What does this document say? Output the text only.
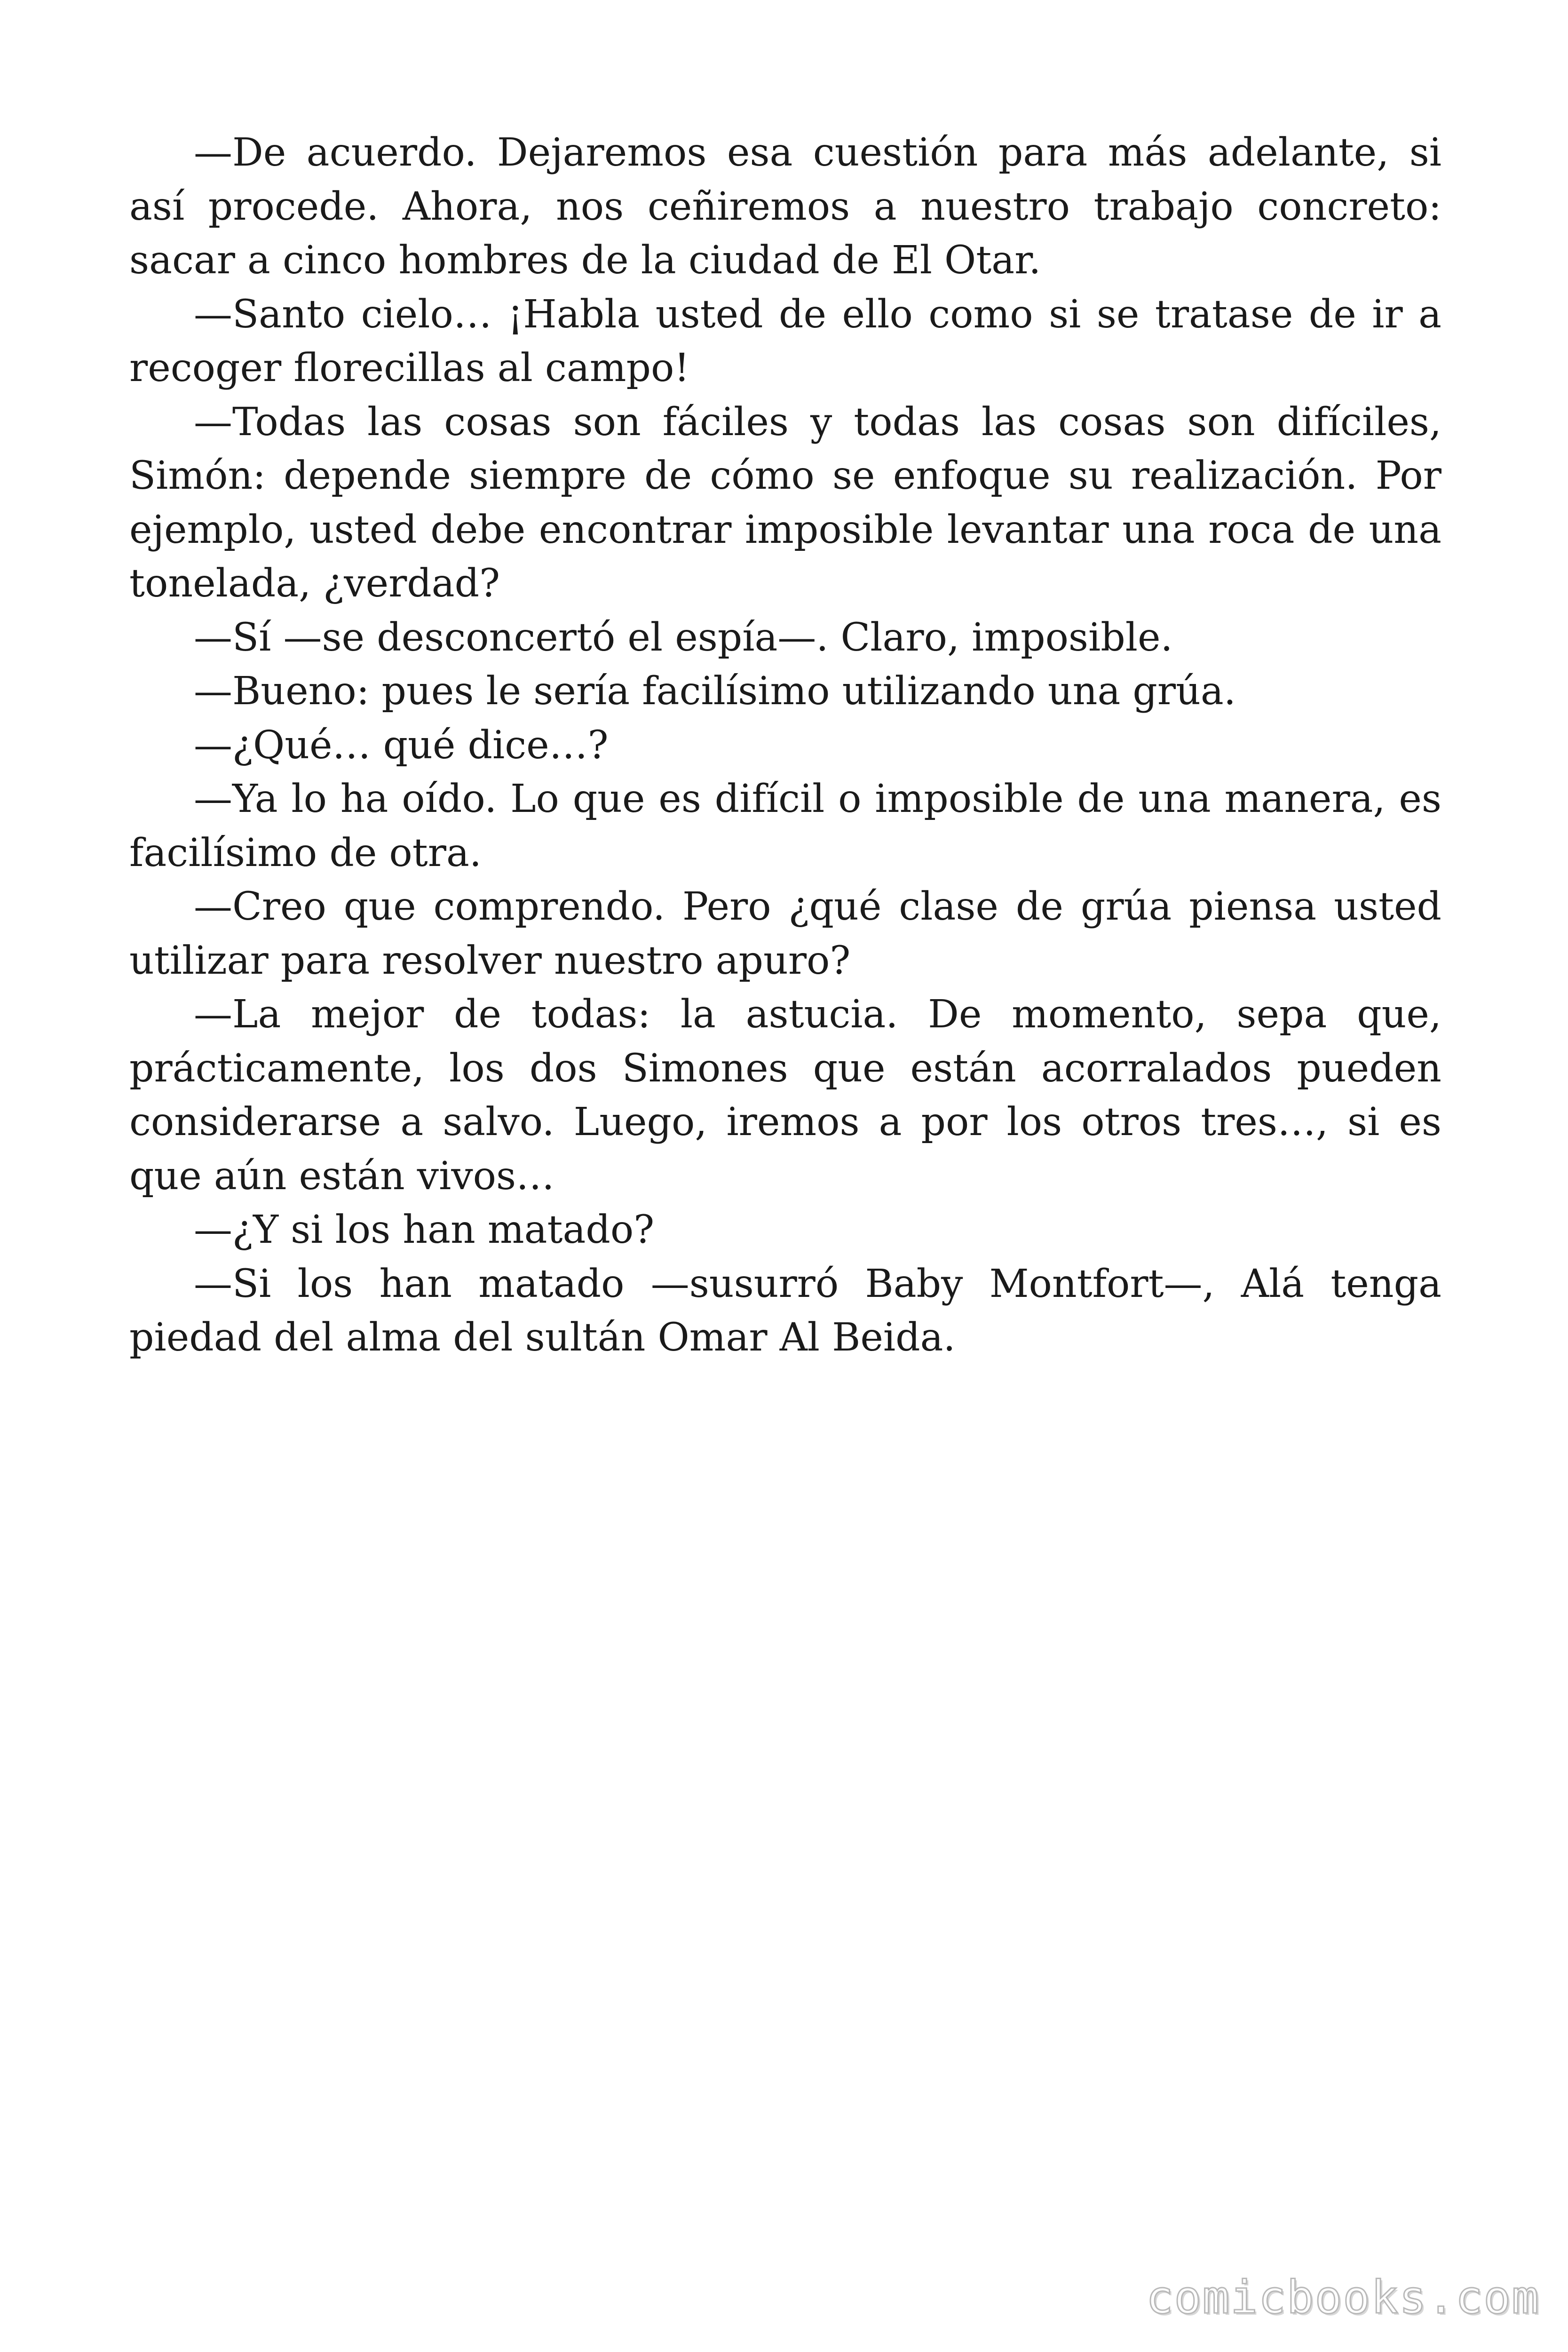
—De acuerdo. Dejaremos esa cuestión para más adelante, si así procede. Ahora, nos ceñiremos a nuestro trabajo concreto: sacar a cinco hombres de la ciudad de El Otar.

—Santo cielo… ¡Habla usted de ello como si se tratase de ir a recoger florecillas al campo!

—Todas las cosas son fáciles y todas las cosas son difíciles, Simón: depende siempre de cómo se enfoque su realización. Por ejemplo, usted debe encontrar imposible levantar una roca de una tonelada, ¿verdad?

—Sí —se desconcertó el espía—. Claro, imposible.

—Bueno: pues le sería facilísimo utilizando una grúa.

—¿Qué… qué dice…?

—Ya lo ha oído. Lo que es difícil o imposible de una manera, es facilísimo de otra.

—Creo que comprendo. Pero ¿qué clase de grúa piensa usted utilizar para resolver nuestro apuro?

—La mejor de todas: la astucia. De momento, sepa que, prácticamente, los dos Simones que están acorralados pueden considerarse a salvo. Luego, iremos a por los otros tres…, si es que aún están vivos…

—¿Y si los han matado?

—Si los han matado —susurró Baby Montfort—, Alá tenga piedad del alma del sultán Omar Al Beida.

comicbooks.com
